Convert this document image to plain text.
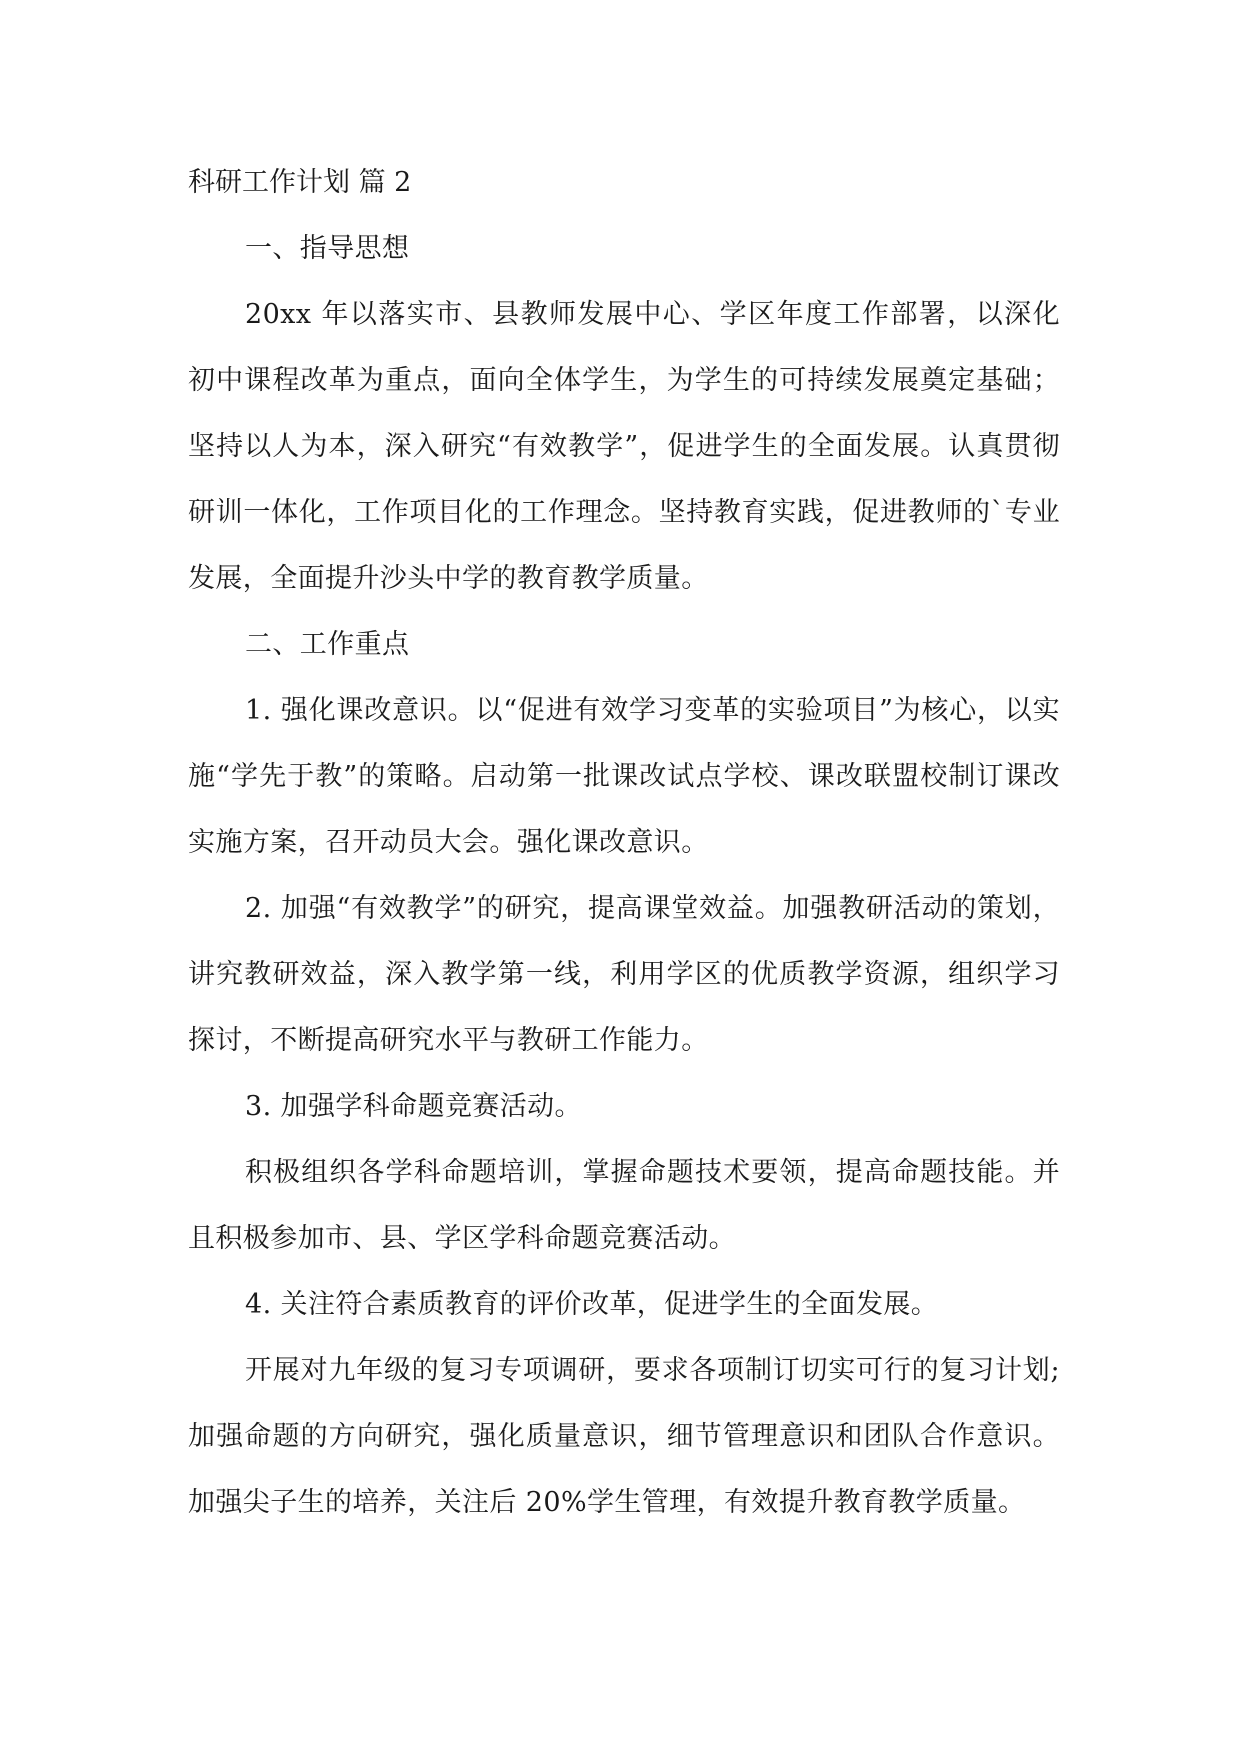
科研工作计划 篇 2

一、指导思想

20xx 年以落实市、县教师发展中心、学区年度工作部署，以深化初中课程改革为重点，面向全体学生，为学生的可持续发展奠定基础；坚持以人为本，深入研究“有效教学”，促进学生的全面发展。认真贯彻研训一体化，工作项目化的工作理念。坚持教育实践，促进教师的`专业发展，全面提升沙头中学的教育教学质量。

二、工作重点

1. 强化课改意识。以“促进有效学习变革的实验项目”为核心，以实施“学先于教”的策略。启动第一批课改试点学校、课改联盟校制订课改实施方案，召开动员大会。强化课改意识。

2. 加强“有效教学”的研究，提高课堂效益。加强教研活动的策划，讲究教研效益，深入教学第一线，利用学区的优质教学资源，组织学习探讨，不断提高研究水平与教研工作能力。

3. 加强学科命题竞赛活动。

积极组织各学科命题培训，掌握命题技术要领，提高命题技能。并且积极参加市、县、学区学科命题竞赛活动。

4. 关注符合素质教育的评价改革，促进学生的全面发展。

开展对九年级的复习专项调研，要求各项制订切实可行的复习计划; 加强命题的方向研究，强化质量意识，细节管理意识和团队合作意识。加强尖子生的培养，关注后 20%学生管理，有效提升教育教学质量。
